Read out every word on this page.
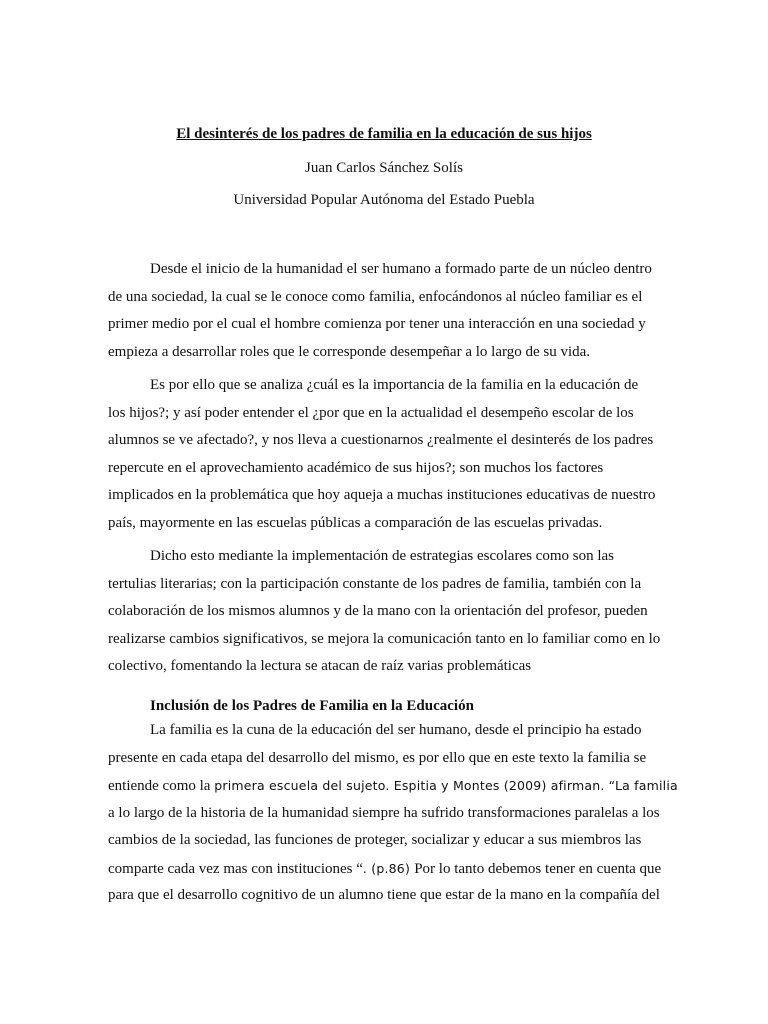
El desinterés de los padres de familia en la educación de sus hijos
Juan Carlos Sánchez Solís
Universidad Popular Autónoma del Estado Puebla
Desde el inicio de la humanidad el ser humano a formado parte de un núcleo dentro
de una sociedad, la cual se le conoce como familia, enfocándonos al núcleo familiar es el
primer medio por el cual el hombre comienza por tener una interacción en una sociedad y
empieza a desarrollar roles que le corresponde desempeñar a lo largo de su vida.
Es por ello que se analiza ¿cuál es la importancia de la familia en la educación de
los hijos?; y así poder entender el ¿por que en la actualidad el desempeño escolar de los
alumnos se ve afectado?, y nos lleva a cuestionarnos ¿realmente el desinterés de los padres
repercute en el aprovechamiento académico de sus hijos?; son muchos los factores
implicados en la problemática que hoy aqueja a muchas instituciones educativas de nuestro
país, mayormente en las escuelas públicas a comparación de las escuelas privadas.
Dicho esto mediante la implementación de estrategias escolares como son las
tertulias literarias; con la participación constante de los padres de familia, también con la
colaboración de los mismos alumnos y de la mano con la orientación del profesor, pueden
realizarse cambios significativos, se mejora la comunicación tanto en lo familiar como en lo
colectivo, fomentando la lectura se atacan de raíz varias problemáticas
Inclusión de los Padres de Familia en la Educación
La familia es la cuna de la educación del ser humano, desde el principio ha estado
presente en cada etapa del desarrollo del mismo, es por ello que en este texto la familia se
entiende como la primera escuela del sujeto. Espitia y Montes (2009) afirman. “La familia
a lo largo de la historia de la humanidad siempre ha sufrido transformaciones paralelas a los
cambios de la sociedad, las funciones de proteger, socializar y educar a sus miembros las
comparte cada vez mas con instituciones “. (p.86) Por lo tanto debemos tener en cuenta que
para que el desarrollo cognitivo de un alumno tiene que estar de la mano en la compañía del
